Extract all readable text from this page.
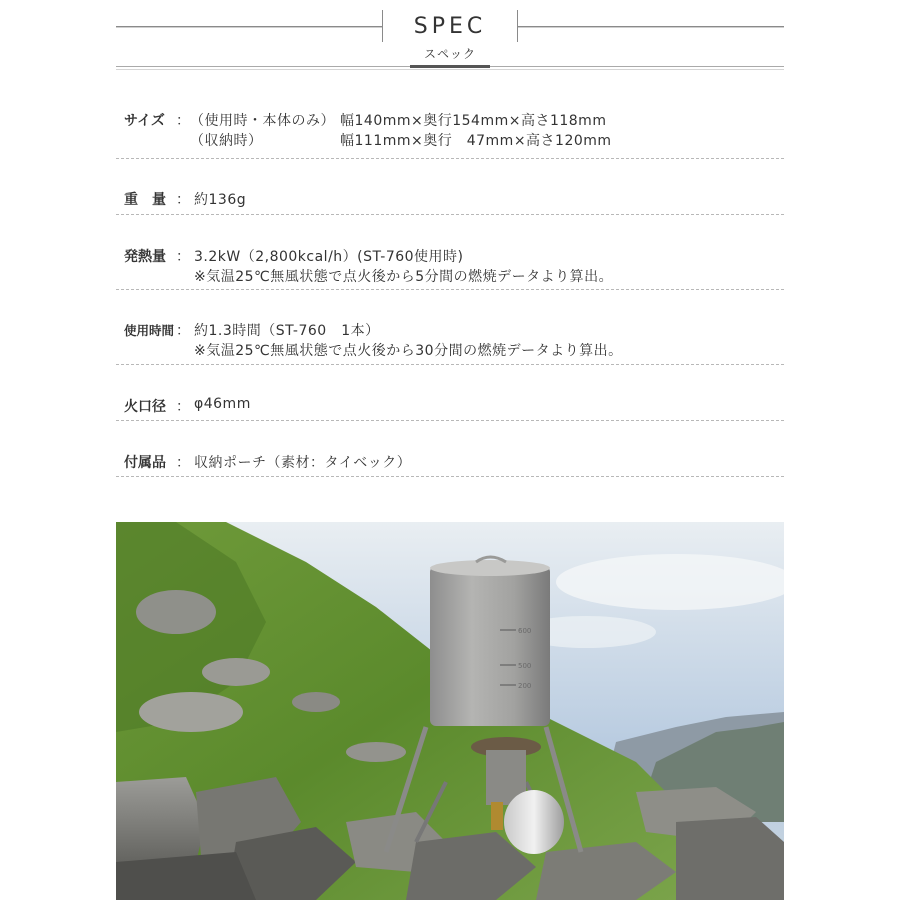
SPEC
スペック
サイズ ： （使用時・本体のみ） 幅140mm×奥行154mm×高さ118mm
（収納時）	幅111mm×奥行　47mm×高さ120mm
重　量 ： 約136g
発熱量 ： 3.2kW（2,800kcal/h）(ST-760使用時)
※気温25℃無風状態で点火後から5分間の燃焼データより算出。
使用時間 ： 約1.3時間（ST-760　1本）
※気温25℃無風状態で点火後から30分間の燃焼データより算出。
火口径 ： φ46mm
付属品 ： 収納ポーチ（素材：タイベック）
600
500
200
